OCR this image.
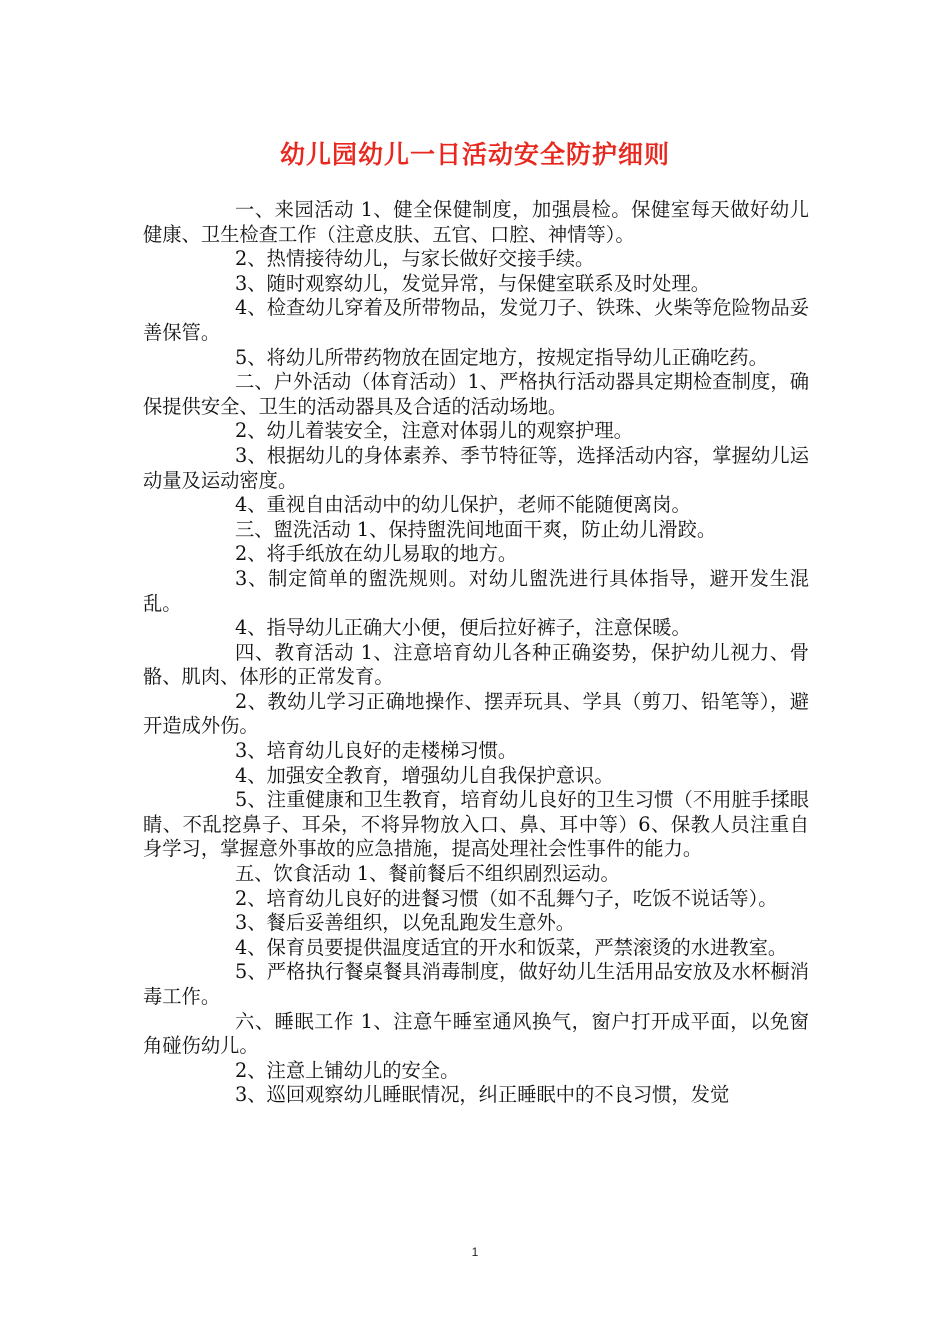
幼儿园幼儿一日活动安全防护细则

一、来园活动 1、健全保健制度，加强晨检。保健室每天做好幼儿健康、卫生检查工作（注意皮肤、五官、口腔、神情等）。

2、热情接待幼儿，与家长做好交接手续。

3、随时观察幼儿，发觉异常，与保健室联系及时处理。

4、检查幼儿穿着及所带物品，发觉刀子、铁珠、火柴等危险物品妥善保管。

5、将幼儿所带药物放在固定地方，按规定指导幼儿正确吃药。

二、户外活动（体育活动）1、严格执行活动器具定期检查制度，确保提供安全、卫生的活动器具及合适的活动场地。

2、幼儿着装安全，注意对体弱儿的观察护理。

3、根据幼儿的身体素养、季节特征等，选择活动内容，掌握幼儿运动量及运动密度。

4、重视自由活动中的幼儿保护，老师不能随便离岗。

三、盥洗活动 1、保持盥洗间地面干爽，防止幼儿滑跤。

2、将手纸放在幼儿易取的地方。

3、制定简单的盥洗规则。对幼儿盥洗进行具体指导，避开发生混乱。

4、指导幼儿正确大小便，便后拉好裤子，注意保暖。

四、教育活动 1、注意培育幼儿各种正确姿势，保护幼儿视力、骨骼、肌肉、体形的正常发育。

2、教幼儿学习正确地操作、摆弄玩具、学具（剪刀、铅笔等），避开造成外伤。

3、培育幼儿良好的走楼梯习惯。

4、加强安全教育，增强幼儿自我保护意识。

5、注重健康和卫生教育，培育幼儿良好的卫生习惯（不用脏手揉眼睛、不乱挖鼻子、耳朵，不将异物放入口、鼻、耳中等）6、保教人员注重自身学习，掌握意外事故的应急措施，提高处理社会性事件的能力。

五、饮食活动 1、餐前餐后不组织剧烈运动。

2、培育幼儿良好的进餐习惯（如不乱舞勺子，吃饭不说话等）。

3、餐后妥善组织，以免乱跑发生意外。

4、保育员要提供温度适宜的开水和饭菜，严禁滚烫的水进教室。

5、严格执行餐桌餐具消毒制度，做好幼儿生活用品安放及水杯橱消毒工作。

六、睡眠工作 1、注意午睡室通风换气，窗户打开成平面，以免窗角碰伤幼儿。

2、注意上铺幼儿的安全。

3、巡回观察幼儿睡眠情况，纠正睡眠中的不良习惯，发觉

1
